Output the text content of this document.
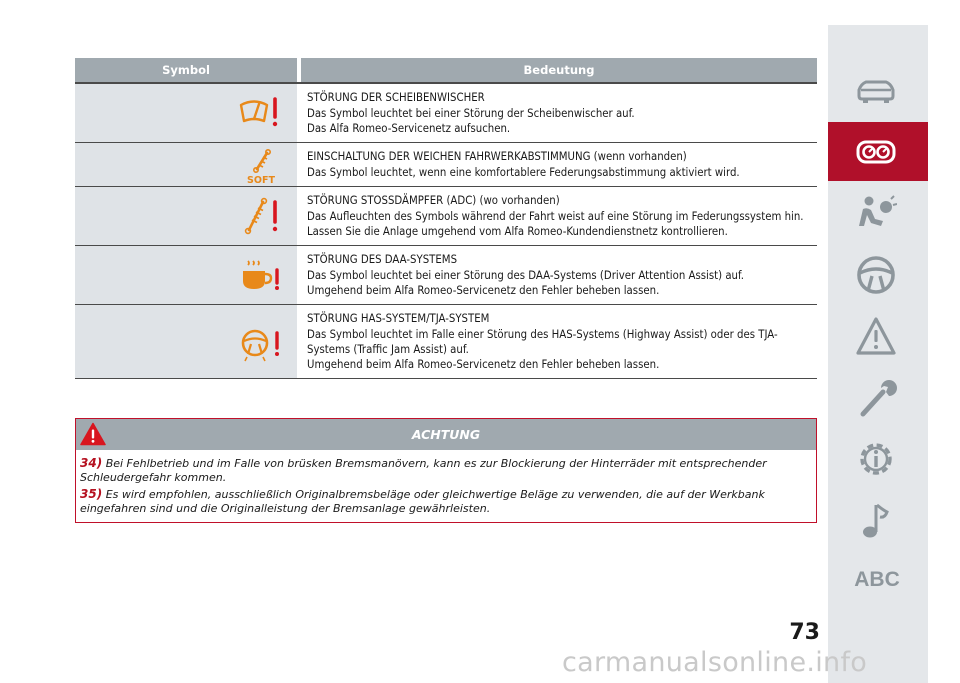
Symbol	Bedeutung

STÖRUNG DER SCHEIBENWISCHER

Das Symbol leuchtet bei einer Störung der Scheibenwischer auf.

Das Alfa Romeo-Servicenetz aufsuchen.

SOFT

EINSCHALTUNG DER WEICHEN FAHRWERKABSTIMMUNG (wenn vorhanden)

Das Symbol leuchtet, wenn eine komfortablere Federungsabstimmung aktiviert wird.

STÖRUNG STOSSDÄMPFER (ADC) (wo vorhanden)

Das Aufleuchten des Symbols während der Fahrt weist auf eine Störung im Federungssystem hin.

Lassen Sie die Anlage umgehend vom Alfa Romeo-Kundendienstnetz kontrollieren.

STÖRUNG DES DAA-SYSTEMS

Das Symbol leuchtet bei einer Störung des DAA-Systems (Driver Attention Assist) auf.

Umgehend beim Alfa Romeo-Servicenetz den Fehler beheben lassen.

STÖRUNG HAS-SYSTEM/TJA-SYSTEM

Das Symbol leuchtet im Falle einer Störung des HAS-Systems (Highway Assist) oder des TJA-Systems (Traffic Jam Assist) auf.

Umgehend beim Alfa Romeo-Servicenetz den Fehler beheben lassen.

ACHTUNG

34) Bei Fehlbetrieb und im Falle von brüsken Bremsmanövern, kann es zur Blockierung der Hinterräder mit entsprechender Schleudergefahr kommen.

35) Es wird empfohlen, ausschließlich Originalbremsbeläge oder gleichwertige Beläge zu verwenden, die auf der Werkbank eingefahren sind und die Originalleistung der Bremsanlage gewährleisten.

ABC
73
carmanualsonline.info
